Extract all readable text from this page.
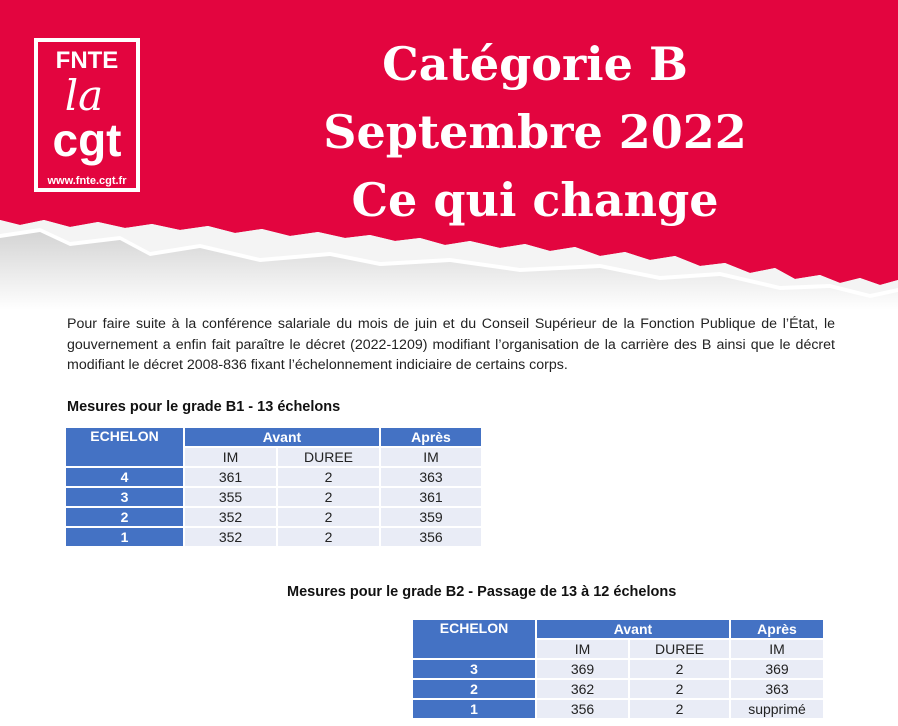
FNTE
la
cgt
www.fnte.cgt.fr
Catégorie B
Septembre 2022
Ce qui change
Pour faire suite à la conférence salariale du mois de juin et du Conseil Supérieur de la Fonction Publique de l’État, le gouvernement a enfin fait paraître le décret (2022-1209) modifiant l’organisation de la carrière des B ainsi que le décret modifiant le décret 2008-836 fixant l’échelonnement indiciaire de certains corps.
Mesures pour le grade B1 - 13 échelons
ECHELON	Avant		Après
	IM	DUREE	IM
4	361	2	363
3	355	2	361
2	352	2	359
1	352	2	356
Mesures pour le grade B2 - Passage de 13 à 12 échelons
ECHELON	Avant		Après
	IM	DUREE	IM
3	369	2	369
2	362	2	363
1	356	2	supprimé
